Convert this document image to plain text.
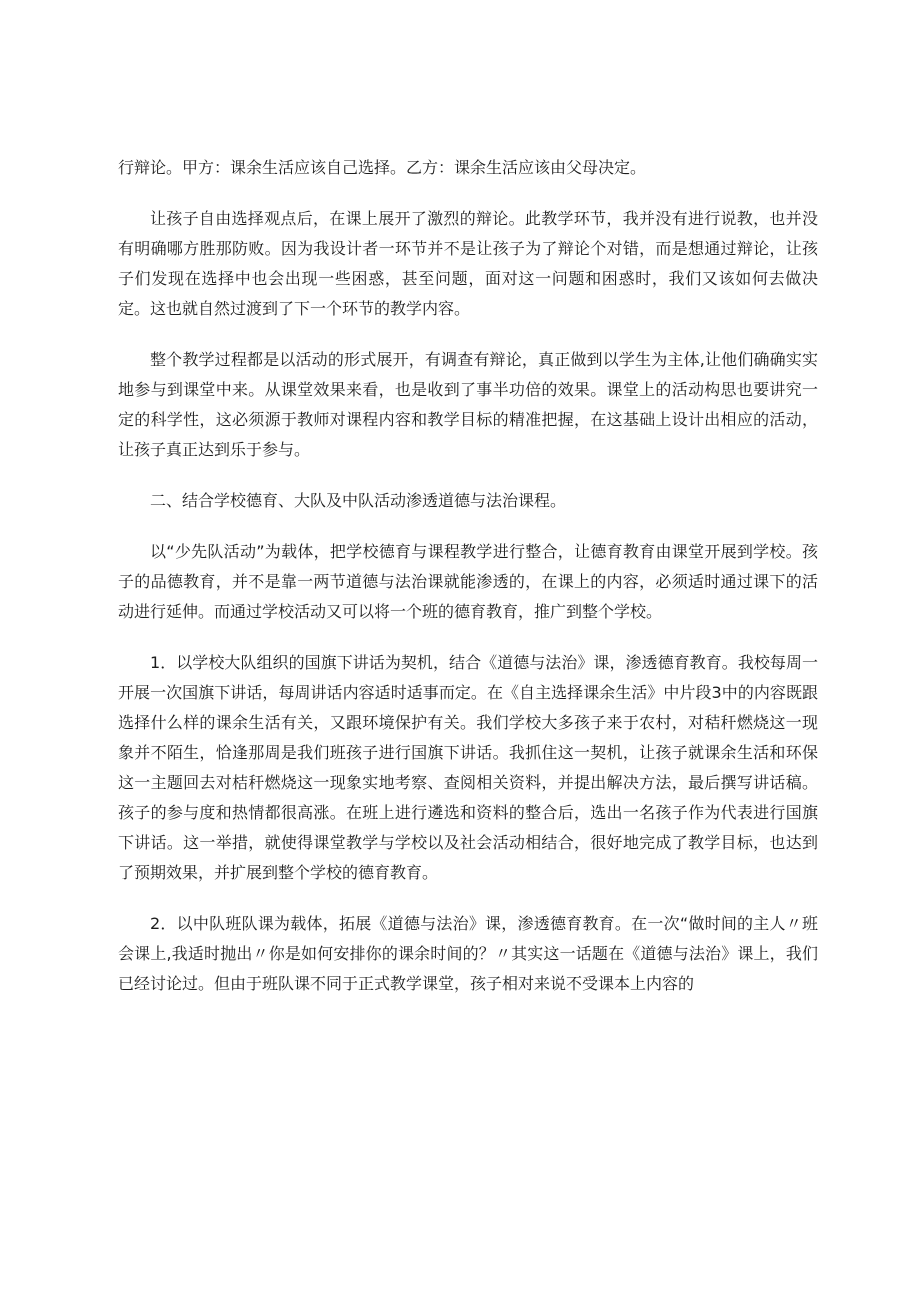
行辩论。甲方：课余生活应该自己选择。乙方：课余生活应该由父母决定。

让孩子自由选择观点后，在课上展开了激烈的辩论。此教学环节，我并没有进行说教，也并没有明确哪方胜那防败。因为我设计者一环节并不是让孩子为了辩论个对错，而是想通过辩论，让孩子们发现在选择中也会出现一些困惑，甚至问题，面对这一问题和困惑时，我们又该如何去做决定。这也就自然过渡到了下一个环节的教学内容。

整个教学过程都是以活动的形式展开，有调查有辩论，真正做到以学生为主体,让他们确确实实地参与到课堂中来。从课堂效果来看，也是收到了事半功倍的效果。课堂上的活动构思也要讲究一定的科学性，这必须源于教师对课程内容和教学目标的精准把握，在这基础上设计出相应的活动，让孩子真正达到乐于参与。

二、结合学校德育、大队及中队活动渗透道德与法治课程。

以“少先队活动”为载体，把学校德育与课程教学进行整合，让德育教育由课堂开展到学校。孩子的品德教育，并不是靠一两节道德与法治课就能渗透的，在课上的内容，必须适时通过课下的活动进行延伸。而通过学校活动又可以将一个班的德育教育，推广到整个学校。

1．以学校大队组织的国旗下讲话为契机，结合《道德与法治》课，渗透德育教育。我校每周一开展一次国旗下讲话，每周讲话内容适时适事而定。在《自主选择课余生活》中片段3中的内容既跟选择什么样的课余生活有关，又跟环境保护有关。我们学校大多孩子来于农村，对秸秆燃烧这一现象并不陌生，恰逢那周是我们班孩子进行国旗下讲话。我抓住这一契机，让孩子就课余生活和环保这一主题回去对桔秆燃烧这一现象实地考察、查阅相关资料，并提出解决方法，最后撰写讲话稿。孩子的参与度和热情都很高涨。在班上进行遴选和资料的整合后，选出一名孩子作为代表进行国旗下讲话。这一举措，就使得课堂教学与学校以及社会活动相结合，很好地完成了教学目标，也达到了预期效果，并扩展到整个学校的德育教育。

2．以中队班队课为载体，拓展《道德与法治》课，渗透德育教育。在一次“做时间的主人〃班会课上,我适时抛出〃你是如何安排你的课余时间的？〃其实这一话题在《道德与法治》课上，我们已经讨论过。但由于班队课不同于正式教学课堂，孩子相对来说不受课本上内容的
